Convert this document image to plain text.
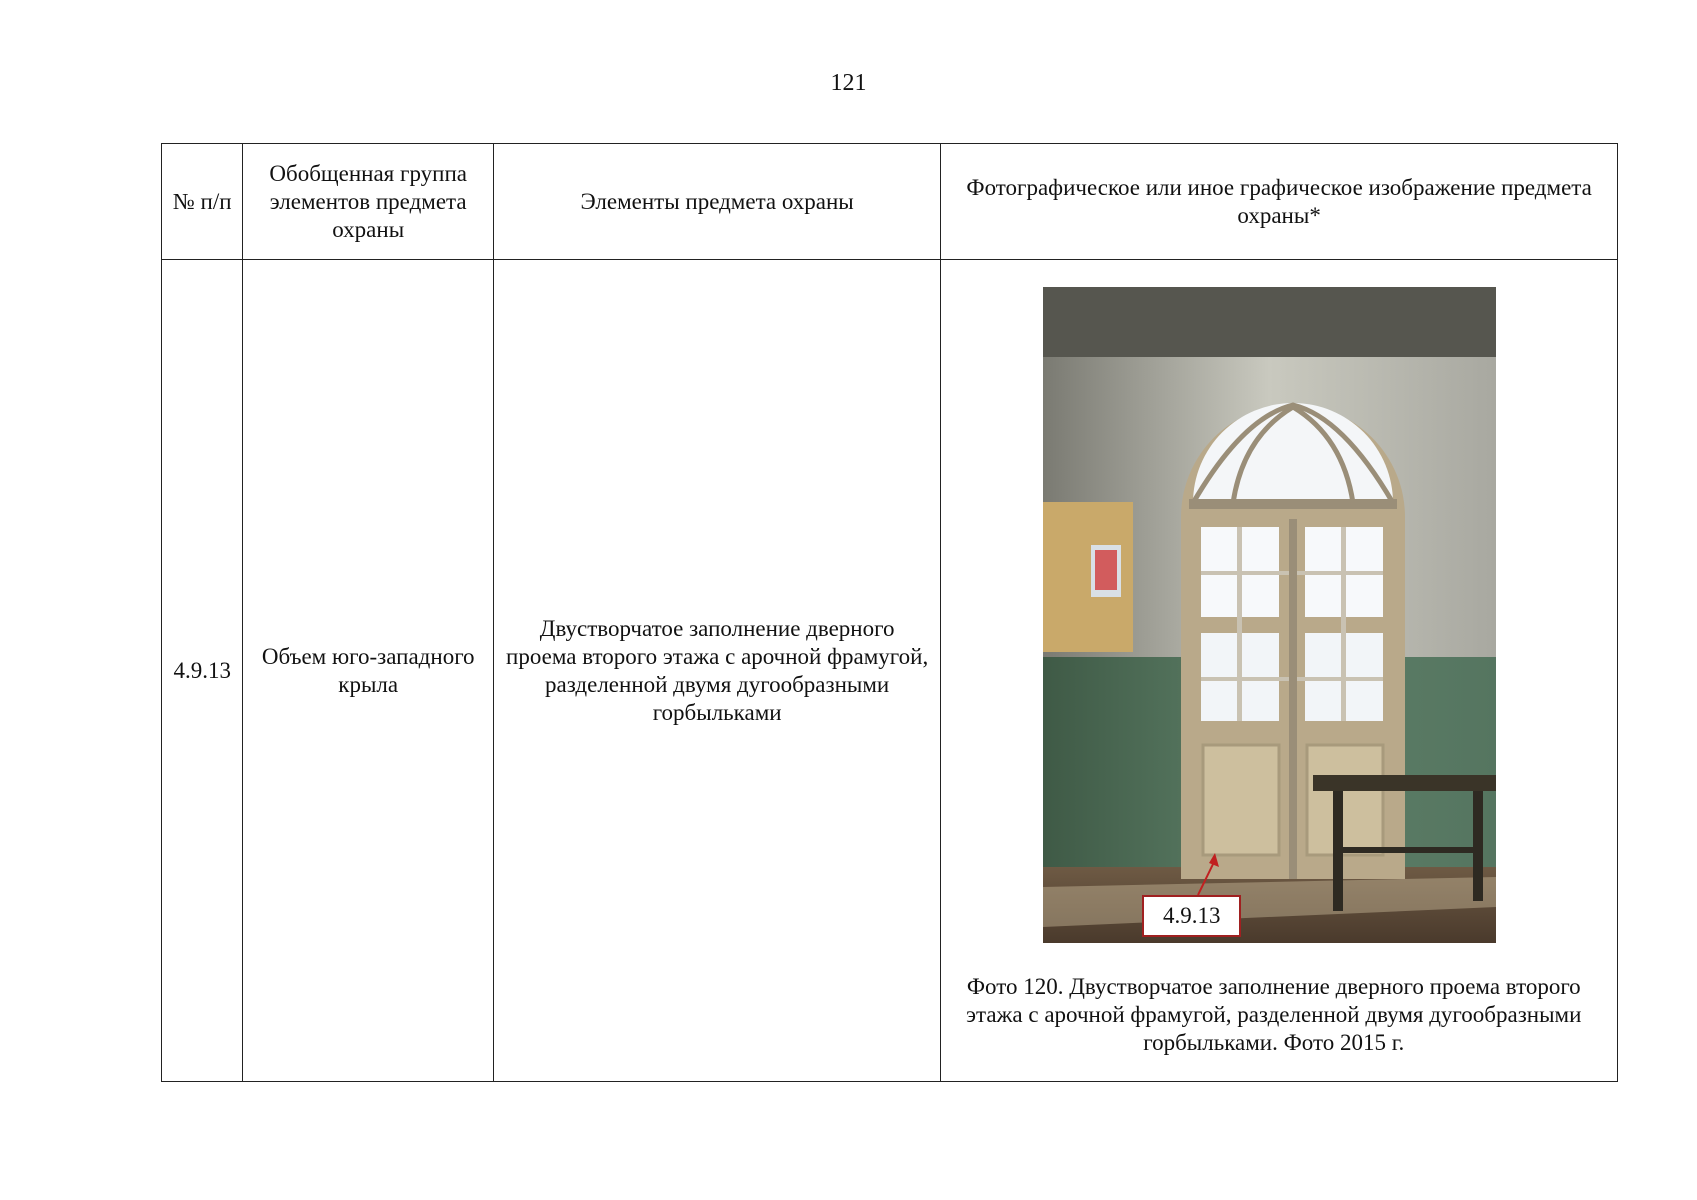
121
№ п/п	Обобщенная группа элементов предмета охраны	Элементы предмета охраны	Фотографическое или иное графическое изображение предмета охраны*
4.9.13	Объем юго-западного крыла	Двустворчатое заполнение дверного проема второго этажа с арочной фрамугой, разделенной двумя дугообразными горбыльками	4.9.13
Фото 120. Двустворчатое заполнение дверного проема второго этажа с арочной фрамугой, разделенной двумя дугообразными горбыльками. Фото 2015 г.
